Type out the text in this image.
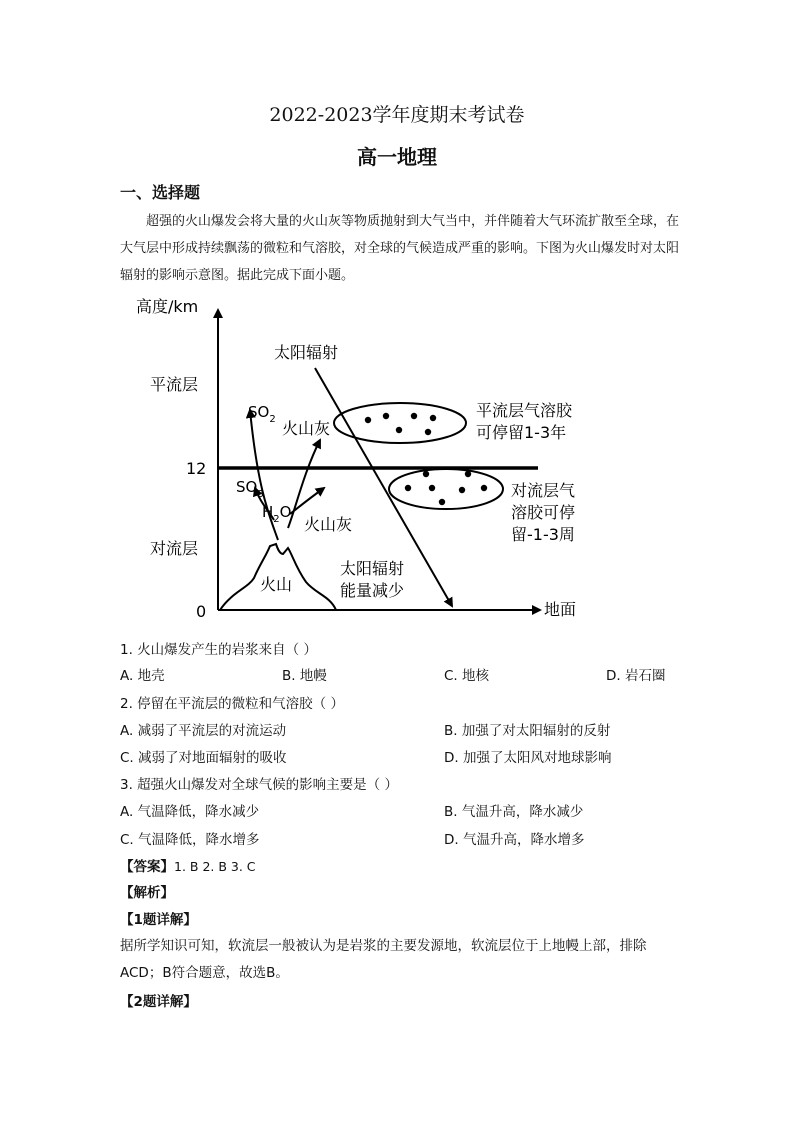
2022-2023学年度期末考试卷
高一地理
一、选择题

超强的火山爆发会将大量的火山灰等物质抛射到大气当中，并伴随着大气环流扩散至全球，在大气层中形成持续飘荡的微粒和气溶胶，对全球的气候造成严重的影响。下图为火山爆发时对太阳辐射的影响示意图。据此完成下面小题。

高度/km
地面
0
12
平流层
对流层
太阳辐射
火山
$SO_2$ 火山灰
$SO_3$
$H_2O$
火山灰
太阳辐射
能量减少
平流层气溶胶
可停留1-3年
对流层气
溶胶可停
留-1-3周
1. 火山爆发产生的岩浆来自（ ）
A. 地壳	B. 地幔	C. 地核	D. 岩石圈
2. 停留在平流层的微粒和气溶胶（ ）
A. 减弱了平流层的对流运动	B. 加强了对太阳辐射的反射
C. 减弱了对地面辐射的吸收	D. 加强了太阳风对地球影响
3. 超强火山爆发对全球气候的影响主要是（ ）
A. 气温降低，降水减少	B. 气温升高，降水减少
C. 气温降低，降水增多	D. 气温升高，降水增多
【答案】1. B 2. B 3. C
【解析】
【1题详解】
据所学知识可知，软流层一般被认为是岩浆的主要发源地，软流层位于上地幔上部，排除ACD；B符合题意，故选B。
【2题详解】
